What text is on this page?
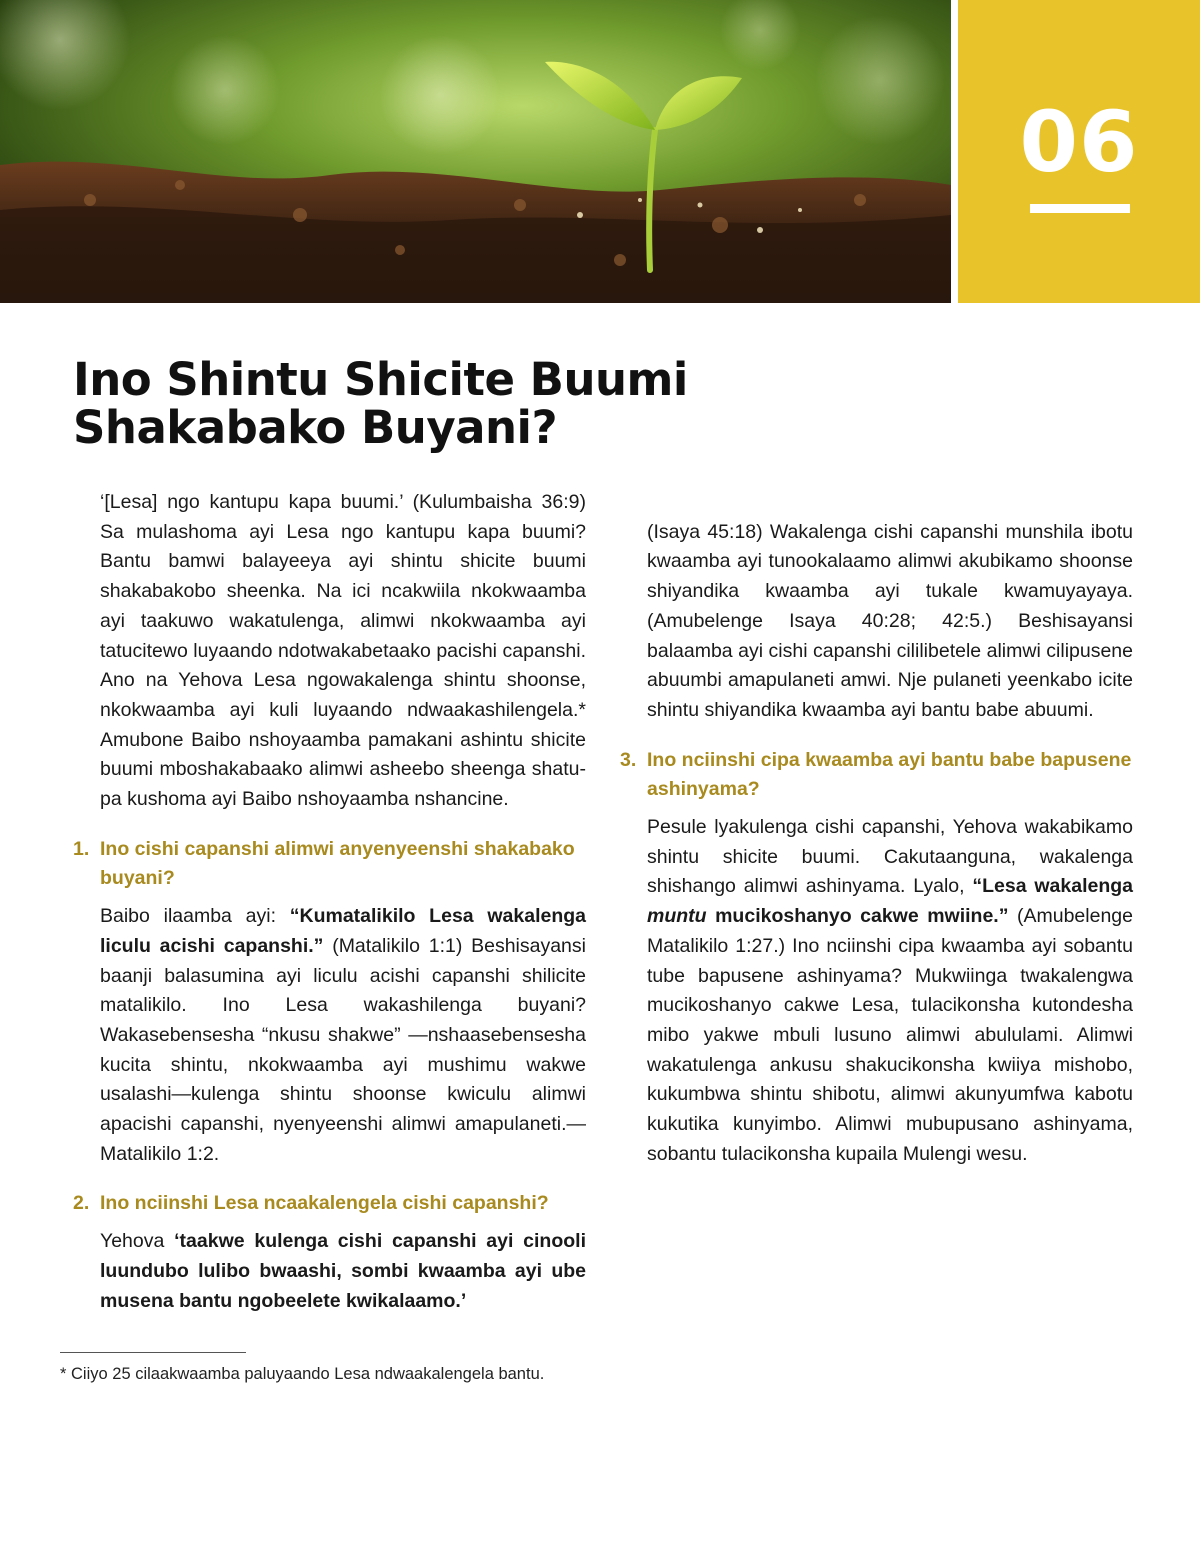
06
Ino Shintu Shicite Buumi
Shakabako Buyani?

‘[Lesa] ngo kantupu kapa buumi.’ (Kulumbaisha 36:9) Sa mulashoma ayi Lesa ngo kantupu kapa buumi? Bantu bamwi balayeeya ayi shintu shicite buumi shakabakobo sheenka. Na ici ncakwiila nkokwaamba ayi taakuwo wakatulenga, alimwi nkokwaamba ayi tatucitewo luyaando ndotwakabetaako pacishi capanshi. Ano na Yehova Lesa ngowakalenga shintu shoonse, nkokwaamba ayi kuli luyaando ndwaakashilengela.* Amubone Baibo nshoyaamba pamakani ashintu shicite buumi mboshakabaako alimwi asheebo sheenga shatupa kushoma ayi Baibo nshoyaamba nshancine.

1. Ino cishi capanshi alimwi anyenyeenshi shakabako buyani?

Baibo ilaamba ayi: “Kumatalikilo Lesa wakalenga liculu acishi capanshi.” (Matalikilo 1:1) Beshisayansi baanji balasumina ayi liculu acishi capanshi shilicite matalikilo. Ino Lesa wakashilenga buyani? Wakasebensesha “nkusu shakwe” —nshaasebensesha kucita shintu, nkokwaamba ayi mushimu wakwe usalashi—kulenga shintu shoonse kwiculu alimwi apacishi capanshi, nyenyeenshi alimwi amapulaneti.—Matalikilo 1:2.

2. Ino nciinshi Lesa ncaakalengela cishi capanshi?

Yehova ‘taakwe kulenga cishi capanshi ayi cinooli luundubo lulibo bwaashi, sombi kwaamba ayi ube musena bantu ngobeelete kwikalaamo.’

(Isaya 45:18) Wakalenga cishi capanshi munshila ibotu kwaamba ayi tunookalaamo alimwi akubikamo shoonse shiyandika kwaamba ayi tukale kwamuyayaya. (Amubelenge Isaya 40:28; 42:5.) Beshisayansi balaamba ayi cishi capanshi cililibetele alimwi cilipusene abuumbi amapulaneti amwi. Nje pulaneti yeenkabo icite shintu shiyandika kwaamba ayi bantu babe abuumi.

3. Ino nciinshi cipa kwaamba ayi bantu babe bapusene ashinyama?

Pesule lyakulenga cishi capanshi, Yehova wakabikamo shintu shicite buumi. Cakutaanguna, wakalenga shishango alimwi ashinyama. Lyalo, “Lesa wakalenga muntu mucikoshanyo cakwe mwiine.” (Amubelenge Matalikilo 1:27.) Ino nciinshi cipa kwaamba ayi sobantu tube bapusene ashinyama? Mukwiinga twakalengwa mucikoshanyo cakwe Lesa, tulacikonsha kutondesha mibo yakwe mbuli lusuno alimwi abululami. Alimwi wakatulenga ankusu shakucikonsha kwiiya mishobo, kukumbwa shintu shibotu, alimwi akunyumfwa kabotu kukutika kunyimbo. Alimwi mubupusano ashinyama, sobantu tulacikonsha kupaila Mulengi wesu.

* Ciiyo 25 cilaakwaamba paluyaando Lesa ndwaakalengela bantu.
